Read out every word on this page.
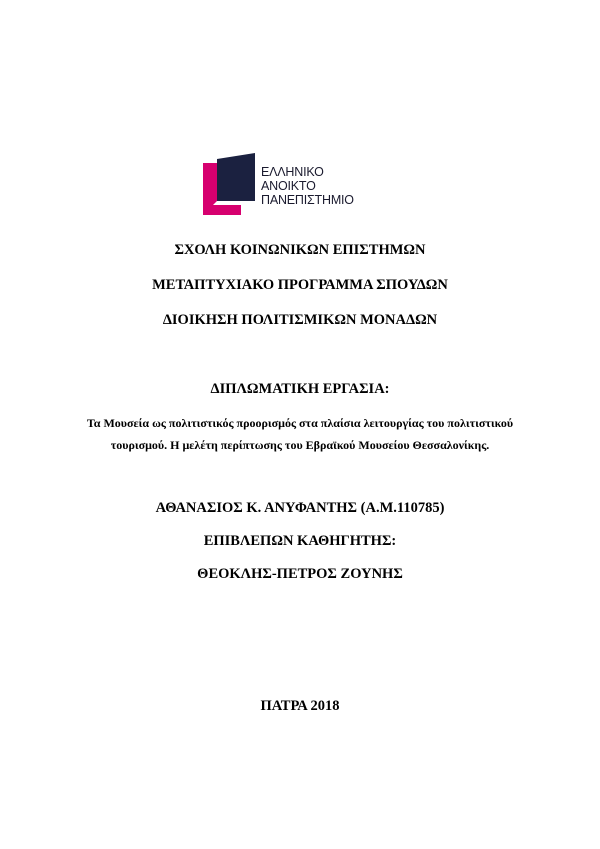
ΕΛΛΗΝΙΚΟ
ΑΝΟΙΚΤΟ
ΠΑΝΕΠΙΣΤΗΜΙΟ
ΣΧΟΛΗ ΚΟΙΝΩΝΙΚΩΝ ΕΠΙΣΤΗΜΩΝ
ΜΕΤΑΠΤΥΧΙΑΚΟ ΠΡΟΓΡΑΜΜΑ ΣΠΟΥΔΩΝ
ΔΙΟΙΚΗΣΗ ΠΟΛΙΤΙΣΜΙΚΩΝ ΜΟΝΑΔΩΝ
ΔΙΠΛΩΜΑΤΙΚΗ ΕΡΓΑΣΙΑ:
Τα Μουσεία ως πολιτιστικός προορισμός στα πλαίσια λειτουργίας του πολιτιστικού τουρισμού. Η μελέτη περίπτωσης του Εβραϊκού Μουσείου Θεσσαλονίκης.
ΑΘΑΝΑΣΙΟΣ Κ. ΑΝΥΦΑΝΤΗΣ (Α.Μ.110785)
ΕΠΙΒΛΕΠΩΝ ΚΑΘΗΓΗΤΗΣ:
ΘΕΟΚΛΗΣ-ΠΕΤΡΟΣ ΖΟΥΝΗΣ
ΠΑΤΡΑ 2018
